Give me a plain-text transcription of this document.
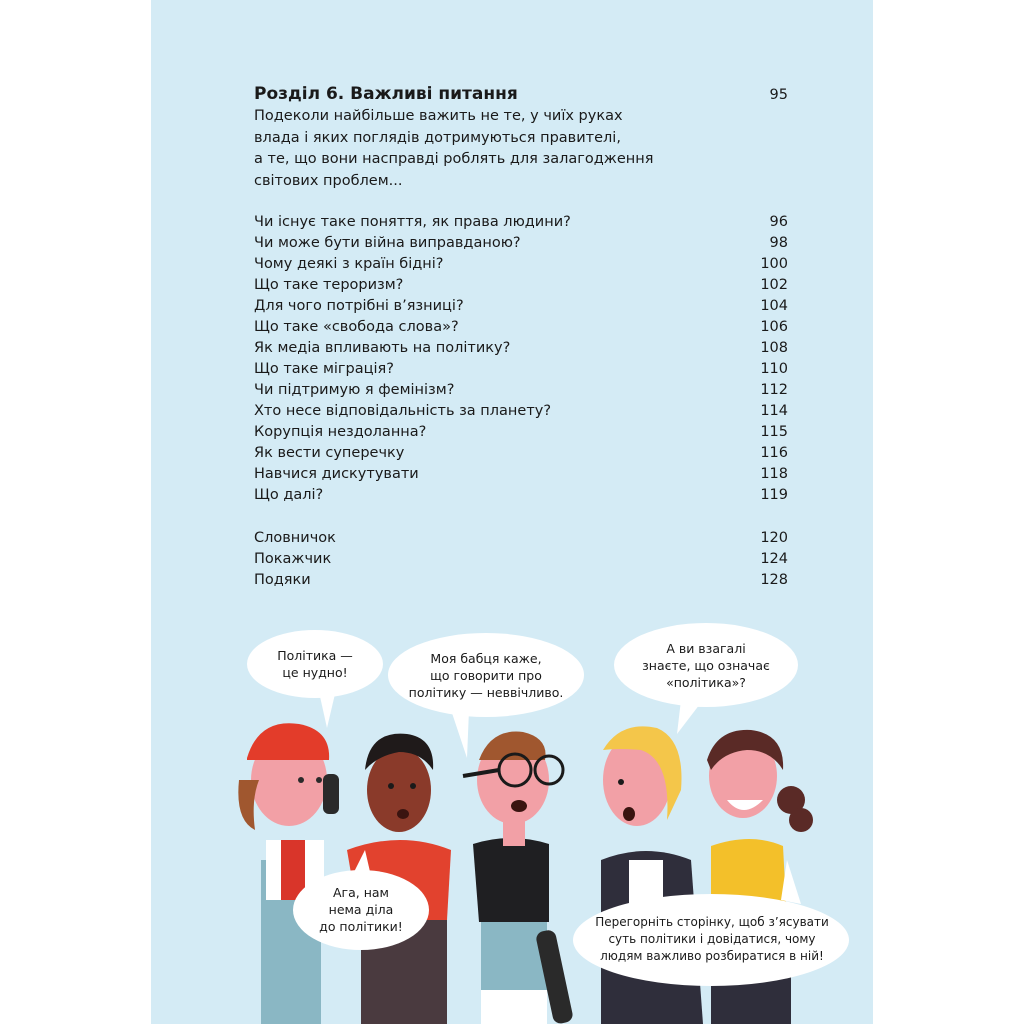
Розділ 6. Важливі питання	95
Подеколи найбільше важить не те, у чиїх руках
влада і яких поглядів дотримуються правителі,
а те, що вони насправді роблять для залагодження
світових проблем...
Чи існує таке поняття, як права людини?	96
Чи може бути війна виправданою?	98
Чому деякі з країн бідні?	100
Що таке тероризм?	102
Для чого потрібні в’язниці?	104
Що таке «свобода слова»?	106
Як медіа впливають на політику?	108
Що таке міграція?	110
Чи підтримую я фемінізм?	112
Хто несе відповідальність за планету?	114
Корупція нездоланна?	115
Як вести суперечку	116
Навчися дискутувати	118
Що далі?	119
Словничок	120
Покажчик	124
Подяки	128
Політика —
це нудно!
Моя бабця каже,
що говорити про
політику — неввічливо.
А ви взагалі
знаєте, що означає
«політика»?
Ага, нам
нема діла
до політики!	Перегорніть сторінку, щоб з’ясувати
суть політики і довідатися, чому
людям важливо розбиратися в ній!
